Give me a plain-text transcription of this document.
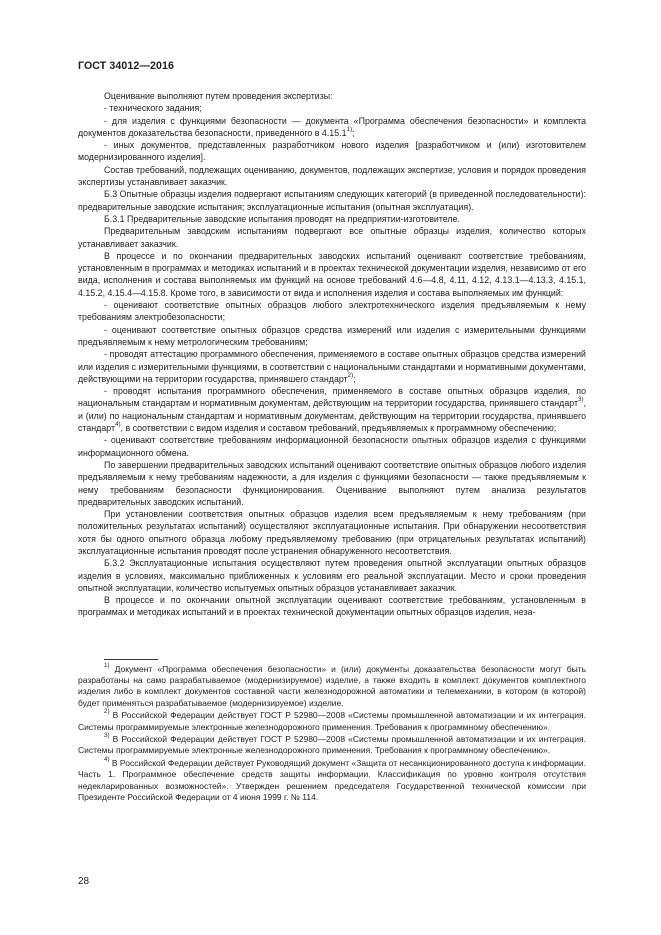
ГОСТ 34012—2016

Оценивание выполняют путем проведения экспертизы:

- технического задания;

- для изделия с функциями безопасности — документа «Программа обеспечения безопасности» и комплекта документов доказательства безопасности, приведенного в 4.15.1$^{1)}$;

- иных документов, представленных разработчиком нового изделия [разработчиком и (или) изготовителем модернизированного изделия].

Состав требований, подлежащих оцениванию, документов, подлежащих экспертизе, условия и порядок проведения экспертизы устанавливает заказчик.

Б.3 Опытные образцы изделия подвергают испытаниям следующих категорий (в приведенной последовательности): предварительные заводские испытания; эксплуатационные испытания (опытная эксплуатация).

Б.3.1 Предварительные заводские испытания проводят на предприятии-изготовителе.

Предварительным заводским испытаниям подвергают все опытные образцы изделия, количество которых устанавливает заказчик.

В процессе и по окончании предварительных заводских испытаний оценивают соответствие требованиям, установленным в программах и методиках испытаний и в проектах технической документации изделия, независимо от его вида, исполнения и состава выполняемых им функций на основе требований 4.6—4.8, 4.11, 4.12, 4.13.1—4.13.3, 4.15.1, 4.15.2, 4.15.4—4.15.8. Кроме того, в зависимости от вида и исполнения изделия и состава выполняемых им функций:

- оценивают соответствие опытных образцов любого электротехнического изделия предъявляемым к нему требованиям электробезопасности;

- оценивают соответствие опытных образцов средства измерений или изделия с измерительными функциями предъявляемым к нему метрологическим требованиям;

- проводят аттестацию программного обеспечения, применяемого в составе опытных образцов средства измерений или изделия с измерительными функциями, в соответствии с национальными стандартами и нормативными документами, действующими на территории государства, принявшего стандарт$^{2)}$;

- проводят испытания программного обеспечения, применяемого в составе опытных образцов изделия, по национальным стандартам и нормативным документам, действующим на территории государства, принявшего стандарт$^{3)}$, и (или) по национальным стандартам и нормативным документам, действующим на территории государства, принявшего стандарт$^{4)}$, в соответствии с видом изделия и составом требований, предъявляемых к программному обеспечению;

- оценивают соответствие требованиям информационной безопасности опытных образцов изделия с функциями информационного обмена.

По завершении предварительных заводских испытаний оценивают соответствие опытных образцов любого изделия предъявляемым к нему требованиям надежности, а для изделия с функциями безопасности — также предъявляемым к нему требованиям безопасности функционирования. Оценивание выполняют путем анализа результатов предварительных заводских испытаний.

При установлении соответствия опытных образцов изделия всем предъявляемым к нему требованиям (при положительных результатах испытаний) осуществляют эксплуатационные испытания. При обнаружении несоответствия хотя бы одного опытного образца любому предъявляемому требованию (при отрицательных результатах испытаний) эксплуатационные испытания проводят после устранения обнаруженного несоответствия.

Б.3.2 Эксплуатационные испытания осуществляют путем проведения опытной эксплуатации опытных образцов изделия в условиях, максимально приближенных к условиям его реальной эксплуатации. Место и сроки проведения опытной эксплуатации, количество испытуемых опытных образцов устанавливает заказчик.

В процессе и по окончании опытной эксплуатации оценивают соответствие требованиям, установленным в программах и методиках испытаний и в проектах технической документации опытных образцов изделия, неза-

$^{1)}$ Документ «Программа обеспечения безопасности» и (или) документы доказательства безопасности могут быть разработаны на само разрабатываемое (модернизируемое) изделие, а также входить в комплект документов комплектного изделия либо в комплект документов составной части железнодорожной автоматики и телемеханики, в котором (в которой) будет применяться разрабатываемое (модернизируемое) изделие.

$^{2)}$ В Российской Федерации действует ГОСТ Р 52980—2008 «Системы промышленной автоматизации и их интеграция. Системы программируемые электронные железнодорожного применения. Требования к программному обеспечению».

$^{3)}$ В Российской Федерации действует ГОСТ Р 52980—2008 «Системы промышленной автоматизации и их интеграция. Системы программируемые электронные железнодорожного применения. Требования к программному обеспечению».

$^{4)}$ В Российской Федерации действует Руководящий документ «Защита от несанкционированного доступа к информации. Часть 1. Программное обеспечение средств защиты информации. Классификация по уровню контроля отсутствия недекларированных возможностей». Утвержден решением председателя Государственной технической комиссии при Президенте Российской Федерации от 4 июня 1999 г. № 114.

28
